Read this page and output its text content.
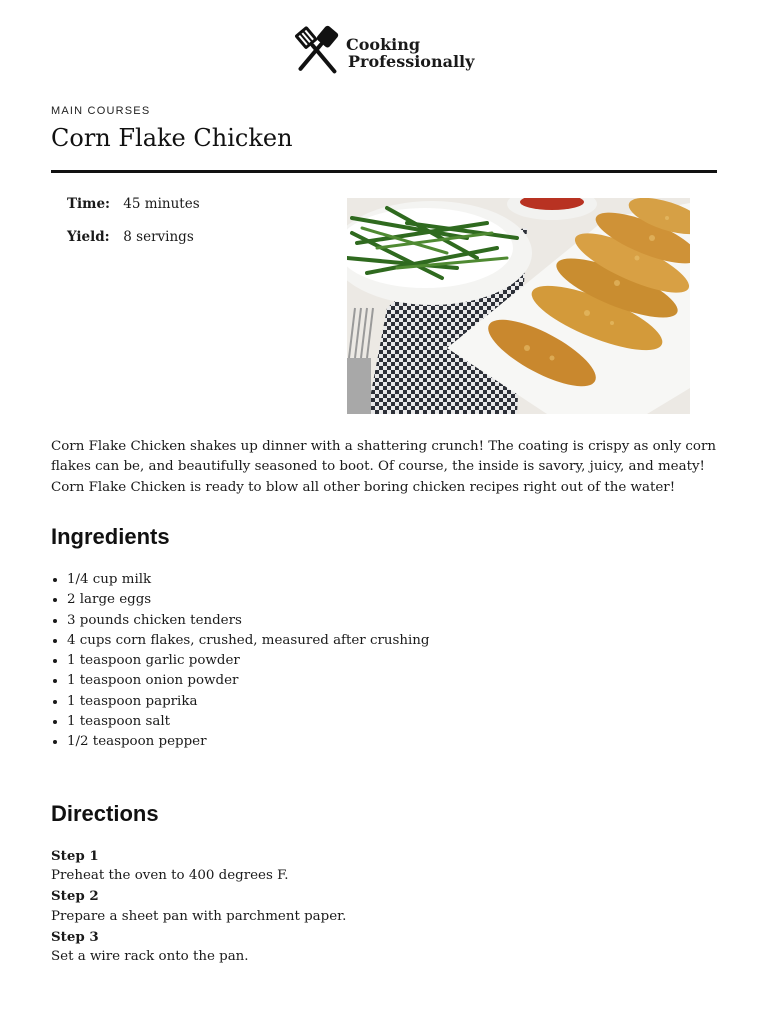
Cooking
Professionally
MAIN COURSES
Corn Flake Chicken
Time: 45 minutes
Yield: 8 servings

Corn Flake Chicken shakes up dinner with a shattering crunch! The coating is crispy as only corn flakes can be, and beautifully seasoned to boot. Of course, the inside is savory, juicy, and meaty! Corn Flake Chicken is ready to blow all other boring chicken recipes right out of the water!

Ingredients
• 1/4 cup milk
• 2 large eggs
• 3 pounds chicken tenders
• 4 cups corn flakes, crushed, measured after crushing
• 1 teaspoon garlic powder
• 1 teaspoon onion powder
• 1 teaspoon paprika
• 1 teaspoon salt
• 1/2 teaspoon pepper
Directions
Step 1
Preheat the oven to 400 degrees F.
Step 2
Prepare a sheet pan with parchment paper.
Step 3
Set a wire rack onto the pan.
